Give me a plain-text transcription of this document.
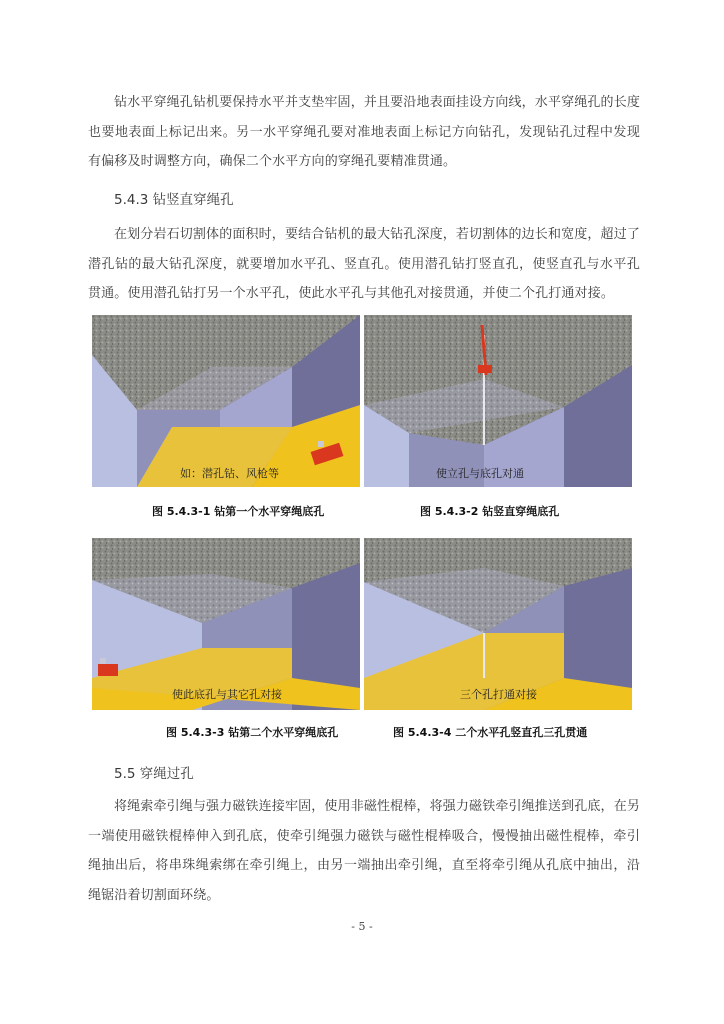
钻水平穿绳孔钻机要保持水平并支垫牢固，并且要沿地表面挂设方向线，水平穿绳孔的长度也要地表面上标记出来。另一水平穿绳孔要对准地表面上标记方向钻孔，发现钻孔过程中发现有偏移及时调整方向，确保二个水平方向的穿绳孔要精准贯通。

5.4.3 钻竖直穿绳孔

在划分岩石切割体的面积时，要结合钻机的最大钻孔深度，若切割体的边长和宽度，超过了潜孔钻的最大钻孔深度，就要增加水平孔、竖直孔。使用潜孔钻打竖直孔，使竖直孔与水平孔贯通。使用潜孔钻打另一个水平孔，使此水平孔与其他孔对接贯通，并使二个孔打通对接。

如：潜孔钻、风枪等	使立孔与底孔对通
图 5.4.3-1 钻第一个水平穿绳底孔	图 5.4.3-2 钻竖直穿绳底孔
使此底孔与其它孔对接	三个孔打通对接
图 5.4.3-3 钻第二个水平穿绳底孔	图 5.4.3-4 二个水平孔竖直孔三孔贯通
5.5 穿绳过孔

将绳索牵引绳与强力磁铁连接牢固，使用非磁性棍棒，将强力磁铁牵引绳推送到孔底，在另一端使用磁铁棍棒伸入到孔底，使牵引绳强力磁铁与磁性棍棒吸合，慢慢抽出磁性棍棒，牵引绳抽出后，将串珠绳索绑在牵引绳上，由另一端抽出牵引绳，直至将牵引绳从孔底中抽出，沿绳锯沿着切割面环绕。

- 5 -
